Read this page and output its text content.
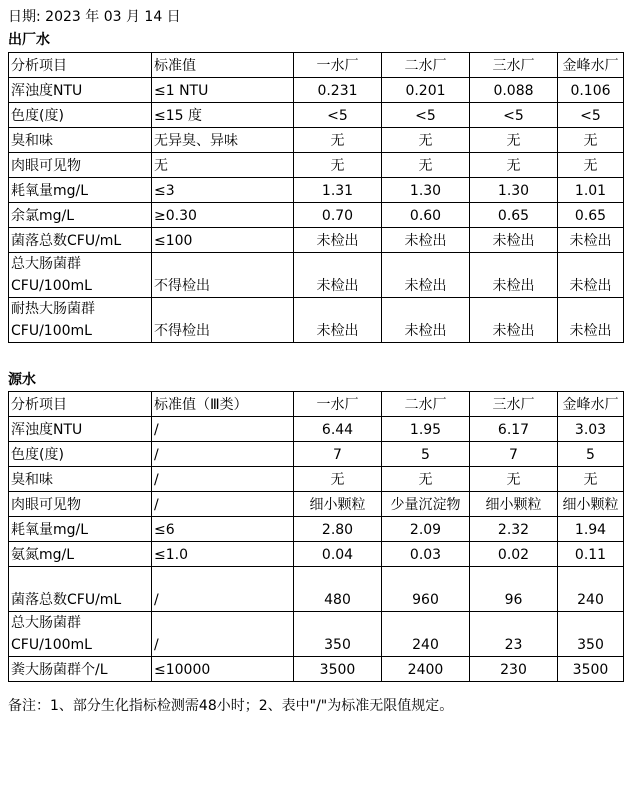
日期: 2023 年 03 月 14 日
出厂水
分析项目	标准值	一水厂	二水厂	三水厂	金峰水厂

浑浊度NTU	≤1 NTU	0.231	0.201	0.088	0.106

色度(度)	≤15 度	<5	<5	<5	<5

臭和味	无异臭、异味	无	无	无	无

肉眼可见物	无	无	无	无	无

耗氧量mg/L	≤3	1.31	1.30	1.30	1.01

余氯mg/L	≥0.30	0.70	0.60	0.65	0.65

菌落总数CFU/mL	≤100	未检出	未检出	未检出	未检出

总大肠菌群
CFU/100mL	不得检出	未检出	未检出	未检出	未检出

耐热大肠菌群
CFU/100mL	不得检出	未检出	未检出	未检出	未检出
源水
分析项目	标准值（Ⅲ类）	一水厂	二水厂	三水厂	金峰水厂

浑浊度NTU	/	6.44	1.95	6.17	3.03

色度(度)	/	7	5	7	5

臭和味	/	无	无	无	无

肉眼可见物	/	细小颗粒	少量沉淀物	细小颗粒	细小颗粒

耗氧量mg/L	≤6	2.80	2.09	2.32	1.94

氨氮mg/L	≤1.0	0.04	0.03	0.02	0.11

菌落总数CFU/mL	/	480	960	96	240

总大肠菌群
CFU/100mL	/	350	240	23	350

粪大肠菌群个/L	≤10000	3500	2400	230	3500
备注：1、部分生化指标检测需48小时；2、表中"/"为标准无限值规定。
